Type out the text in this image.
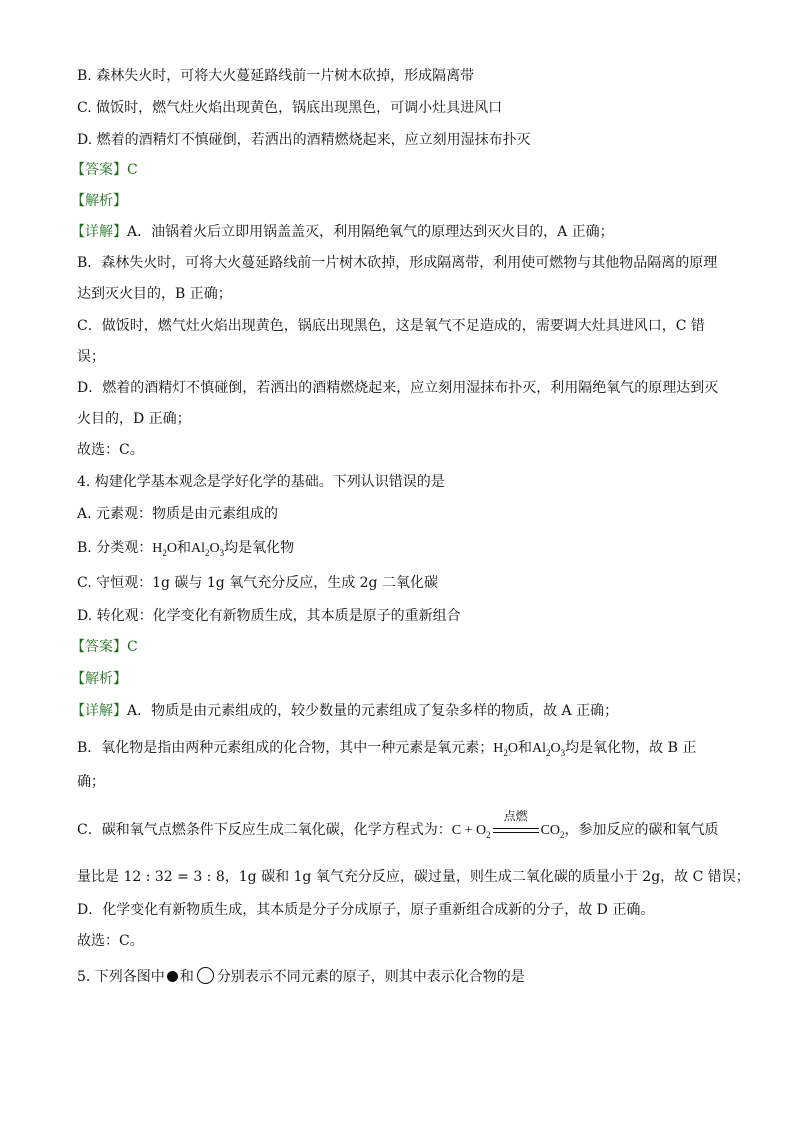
B. 森林失火时，可将大火蔓延路线前一片树木砍掉，形成隔离带
C. 做饭时，燃气灶火焰出现黄色，锅底出现黑色，可调小灶具进风口
D. 燃着的酒精灯不慎碰倒，若洒出的酒精燃烧起来，应立刻用湿抹布扑灭
【答案】C
【解析】
【详解】A．油锅着火后立即用锅盖盖灭，利用隔绝氧气的原理达到灭火目的，A 正确；
B．森林失火时，可将大火蔓延路线前一片树木砍掉，形成隔离带，利用使可燃物与其他物品隔离的原理
达到灭火目的，B 正确；
C．做饭时，燃气灶火焰出现黄色，锅底出现黑色，这是氧气不足造成的，需要调大灶具进风口，C 错
误；
D．燃着的酒精灯不慎碰倒，若洒出的酒精燃烧起来，应立刻用湿抹布扑灭，利用隔绝氧气的原理达到灭
火目的，D 正确；
故选：C。
4. 构建化学基本观念是学好化学的基础。下列认识错误的是
A. 元素观：物质是由元素组成的
B. 分类观：$H_2O$和$Al_2O_3$均是氧化物
C. 守恒观：1g 碳与 1g 氧气充分反应，生成 2g 二氧化碳
D. 转化观：化学变化有新物质生成，其本质是原子的重新组合
【答案】C
【解析】
【详解】A．物质是由元素组成的，较少数量的元素组成了复杂多样的物质，故 A 正确；
B．氧化物是指由两种元素组成的化合物，其中一种元素是氧元素；$H_2O$和$Al_2O_3$均是氧化物，故 B 正
确；
C．碳和氧气点燃条件下反应生成二氧化碳，化学方程式为：$C + O_2$
点燃
$CO_2$，参加反应的碳和氧气质
量比是 12 : 32 = 3 : 8，1g 碳和 1g 氧气充分反应，碳过量，则生成二氧化碳的质量小于 2g，故 C 错误；
D．化学变化有新物质生成，其本质是分子分成原子，原子重新组合成新的分子，故 D 正确。
故选：C。
5. 下列各图中 和 分别表示不同元素的原子，则其中表示化合物的是
